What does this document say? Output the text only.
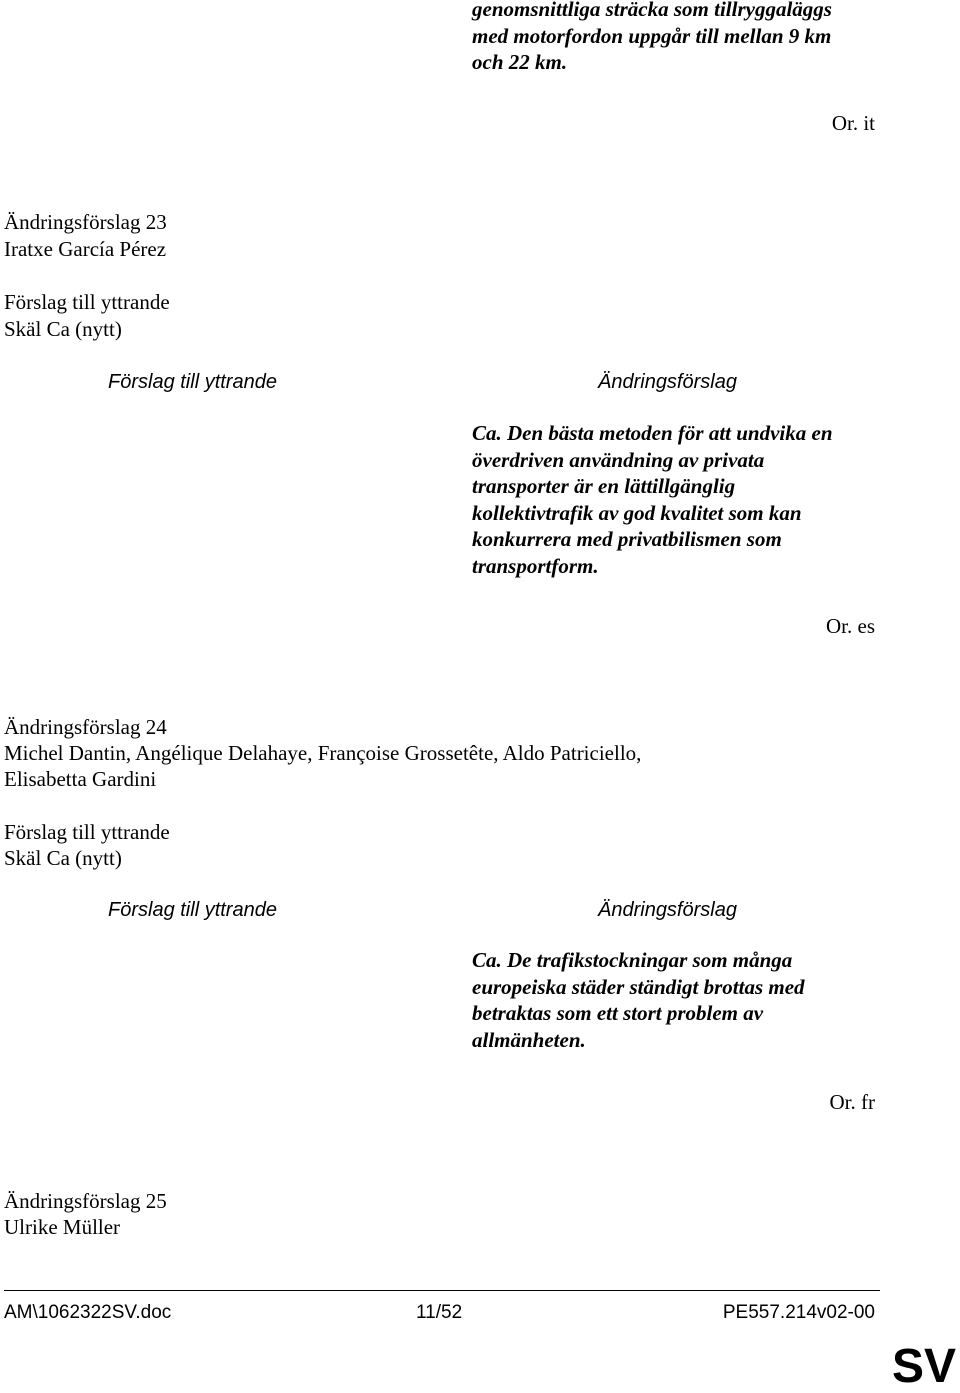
genomsnittliga sträcka som tillryggaläggs
med motorfordon uppgår till mellan 9 km
och 22 km.
Or. it
Ändringsförslag 23
Iratxe García Pérez
Förslag till yttrande
Skäl Ca (nytt)
Förslag till yttrande	Ändringsförslag
Ca. Den bästa metoden för att undvika en
överdriven användning av privata
transporter är en lättillgänglig
kollektivtrafik av god kvalitet som kan
konkurrera med privatbilismen som
transportform.
Or. es
Ändringsförslag 24
Michel Dantin, Angélique Delahaye, Françoise Grossetête, Aldo Patriciello,
Elisabetta Gardini
Förslag till yttrande
Skäl Ca (nytt)
Förslag till yttrande	Ändringsförslag
Ca. De trafikstockningar som många
europeiska städer ständigt brottas med
betraktas som ett stort problem av
allmänheten.
Or. fr
Ändringsförslag 25
Ulrike Müller
AM\1062322SV.doc	11/52	PE557.214v02-00
SV
